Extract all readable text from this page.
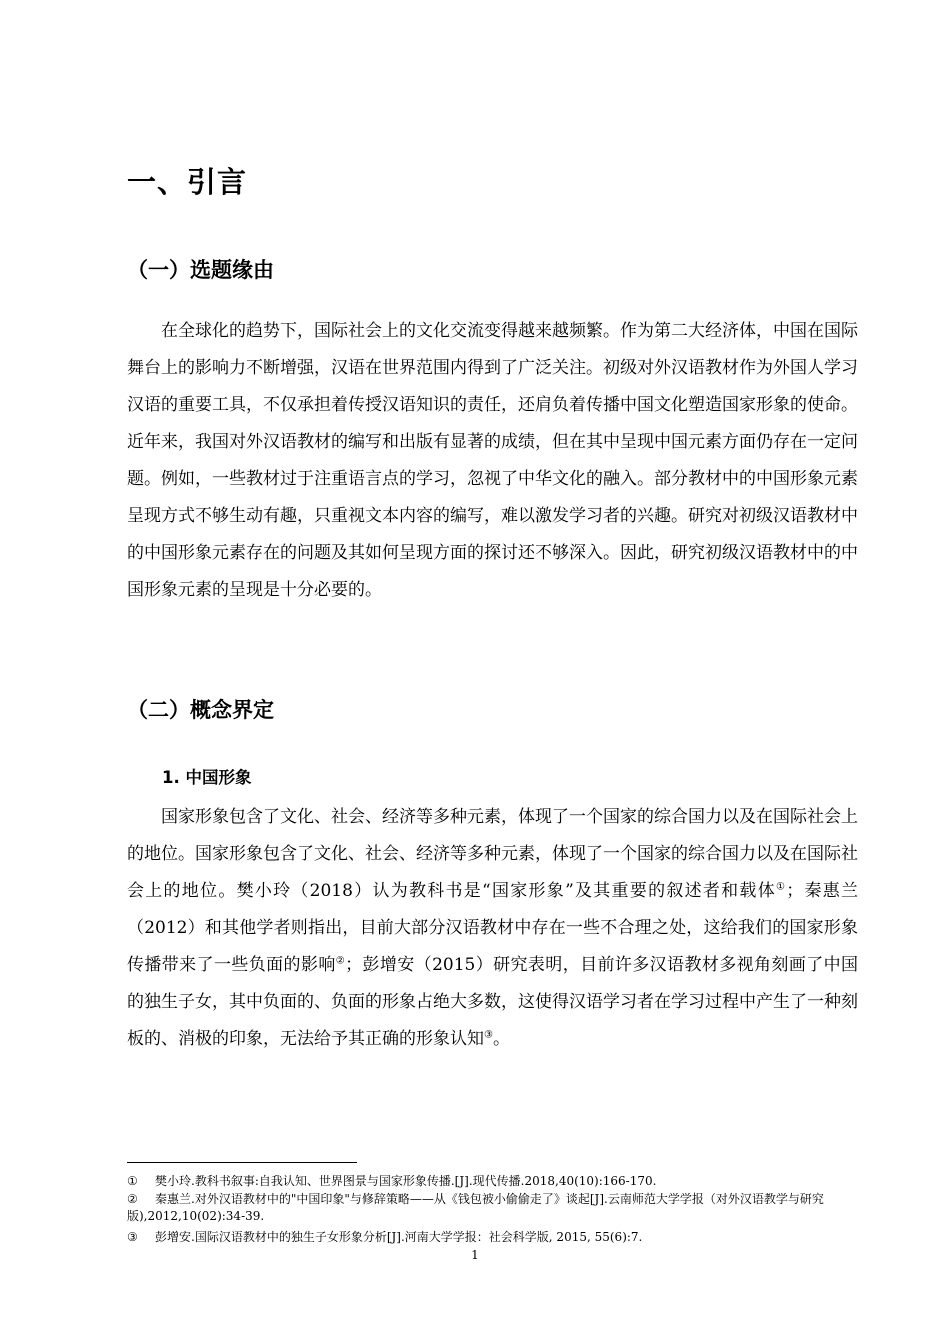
一、引言
（一）选题缘由

在全球化的趋势下，国际社会上的文化交流变得越来越频繁。作为第二大经济体，中国在国际舞台上的影响力不断增强，汉语在世界范围内得到了广泛关注。初级对外汉语教材作为外国人学习汉语的重要工具，不仅承担着传授汉语知识的责任，还肩负着传播中国文化塑造国家形象的使命。近年来，我国对外汉语教材的编写和出版有显著的成绩，但在其中呈现中国元素方面仍存在一定问题。例如，一些教材过于注重语言点的学习，忽视了中华文化的融入。部分教材中的中国形象元素呈现方式不够生动有趣，只重视文本内容的编写，难以激发学习者的兴趣。研究对初级汉语教材中的中国形象元素存在的问题及其如何呈现方面的探讨还不够深入。因此，研究初级汉语教材中的中国形象元素的呈现是十分必要的。

（二）概念界定
1. 中国形象

国家形象包含了文化、社会、经济等多种元素，体现了一个国家的综合国力以及在国际社会上的地位。国家形象包含了文化、社会、经济等多种元素，体现了一个国家的综合国力以及在国际社会上的地位。樊小玲（2018）认为教科书是“国家形象”及其重要的叙述者和载体①；秦惠兰（2012）和其他学者则指出，目前大部分汉语教材中存在一些不合理之处，这给我们的国家形象传播带来了一些负面的影响②；彭增安（2015）研究表明，目前许多汉语教材多视角刻画了中国的独生子女，其中负面的、负面的形象占绝大多数，这使得汉语学习者在学习过程中产生了一种刻板的、消极的印象，无法给予其正确的形象认知③。

① 樊小玲.教科书叙事:自我认知、世界图景与国家形象传播.[J].现代传播.2018,40(10):166-170.

② 秦惠兰.对外汉语教材中的"中国印象"与修辞策略——从《钱包被小偷偷走了》谈起[J].云南师范大学学报（对外汉语教学与研究版),2012,10(02):34-39.

③ 彭增安.国际汉语教材中的独生子女形象分析[J].河南大学学报：社会科学版, 2015, 55(6):7.

1
